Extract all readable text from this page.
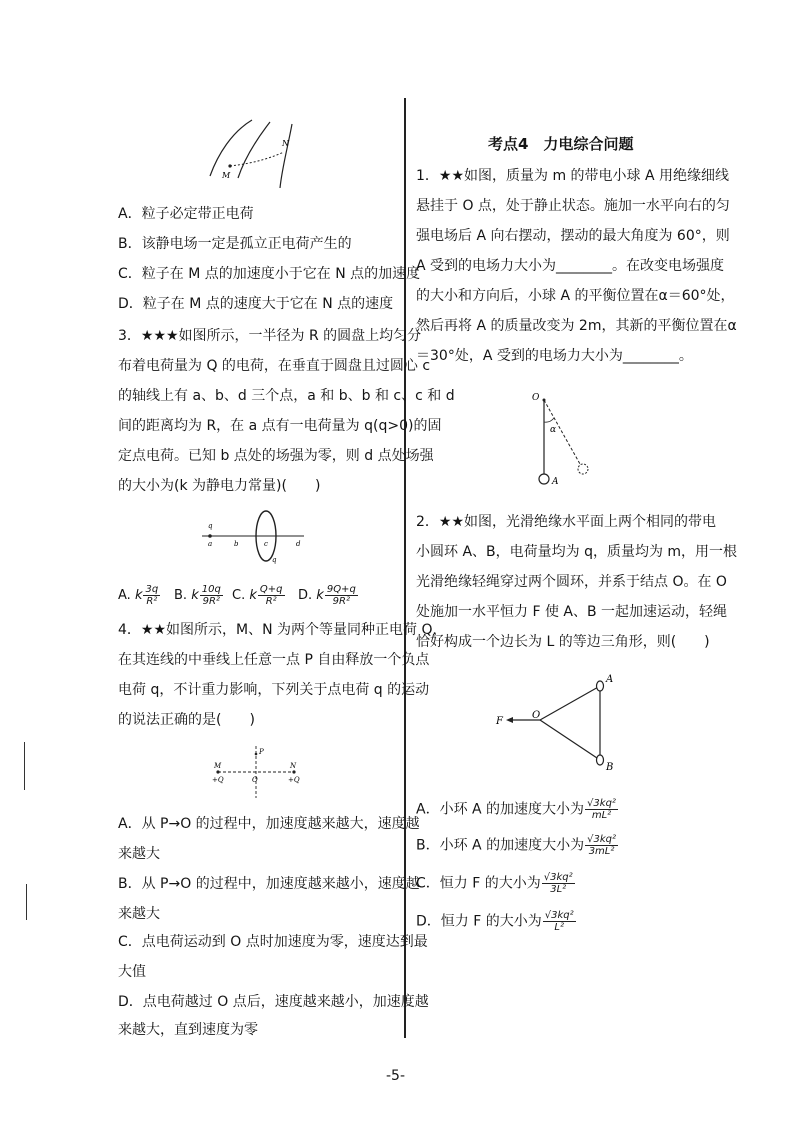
M
N
A．粒子必定带正电荷
B．该静电场一定是孤立正电荷产生的
C．粒子在 M 点的加速度小于它在 N 点的加速度
D．粒子在 M 点的速度大于它在 N 点的速度
3．★★★如图所示，一半径为 R 的圆盘上均匀分
布着电荷量为 Q 的电荷，在垂直于圆盘且过圆心 c
的轴线上有 a、b、d 三个点，a 和 b、b 和 c、c 和 d
间的距离均为 R，在 a 点有一电荷量为 q(q>0)的固
定点电荷。已知 b 点处的场强为零，则 d 点处场强
的大小为(k 为静电力常量)(　　)
q
a	b	c	d
q
A. k $\frac{3q}{\text{R²}} B$. k $\frac{10q}{\text{9R²}} C$. k $\frac{Q+q}{\text{R²}} D$. k $\frac{9Q+q}{\text{9R²}}$
4．★★如图所示，M、N 为两个等量同种正电荷 Q，
在其连线的中垂线上任意一点 P 自由释放一个负点
电荷 q，不计重力影响，下列关于点电荷 q 的运动
的说法正确的是(　　)
P
M	N
O
+Q	+Q
A．从 P→O 的过程中，加速度越来越大，速度越
来越大
B．从 P→O 的过程中，加速度越来越小，速度越
来越大
C．点电荷运动到 O 点时加速度为零，速度达到最
大值
D．点电荷越过 O 点后，速度越来越小，加速度越
来越大，直到速度为零
考点4　力电综合问题
1．★★如图，质量为 m 的带电小球 A 用绝缘细线
悬挂于 O 点，处于静止状态。施加一水平向右的匀
强电场后 A 向右摆动，摆动的最大角度为 60°，则
A 受到的电场力大小为________。在改变电场强度
的大小和方向后，小球 A 的平衡位置在α＝60°处，
然后再将 A 的质量改变为 2m，其新的平衡位置在α
＝30°处，A 受到的电场力大小为________。
O
α
A
2．★★如图，光滑绝缘水平面上两个相同的带电
小圆环 A、B，电荷量均为 q，质量均为 m，用一根
光滑绝缘轻绳穿过两个圆环，并系于结点 O。在 O
处施加一水平恒力 F 使 A、B 一起加速运动，轻绳
恰好构成一个边长为 L 的等边三角形，则(　　)
F
O
A
B
A．小环 A 的加速度大小为 $\frac{\text{√3kq²}}{\text{mL²}}$
B．小环 A 的加速度大小为 $\frac{\text{√3kq²}}{\text{3mL²}}$
C．恒力 F 的大小为 $\frac{\text{√3kq²}}{\text{3L²}}$
D．恒力 F 的大小为 $\frac{\text{√3kq²}}{\text{L²}}$
-5-
